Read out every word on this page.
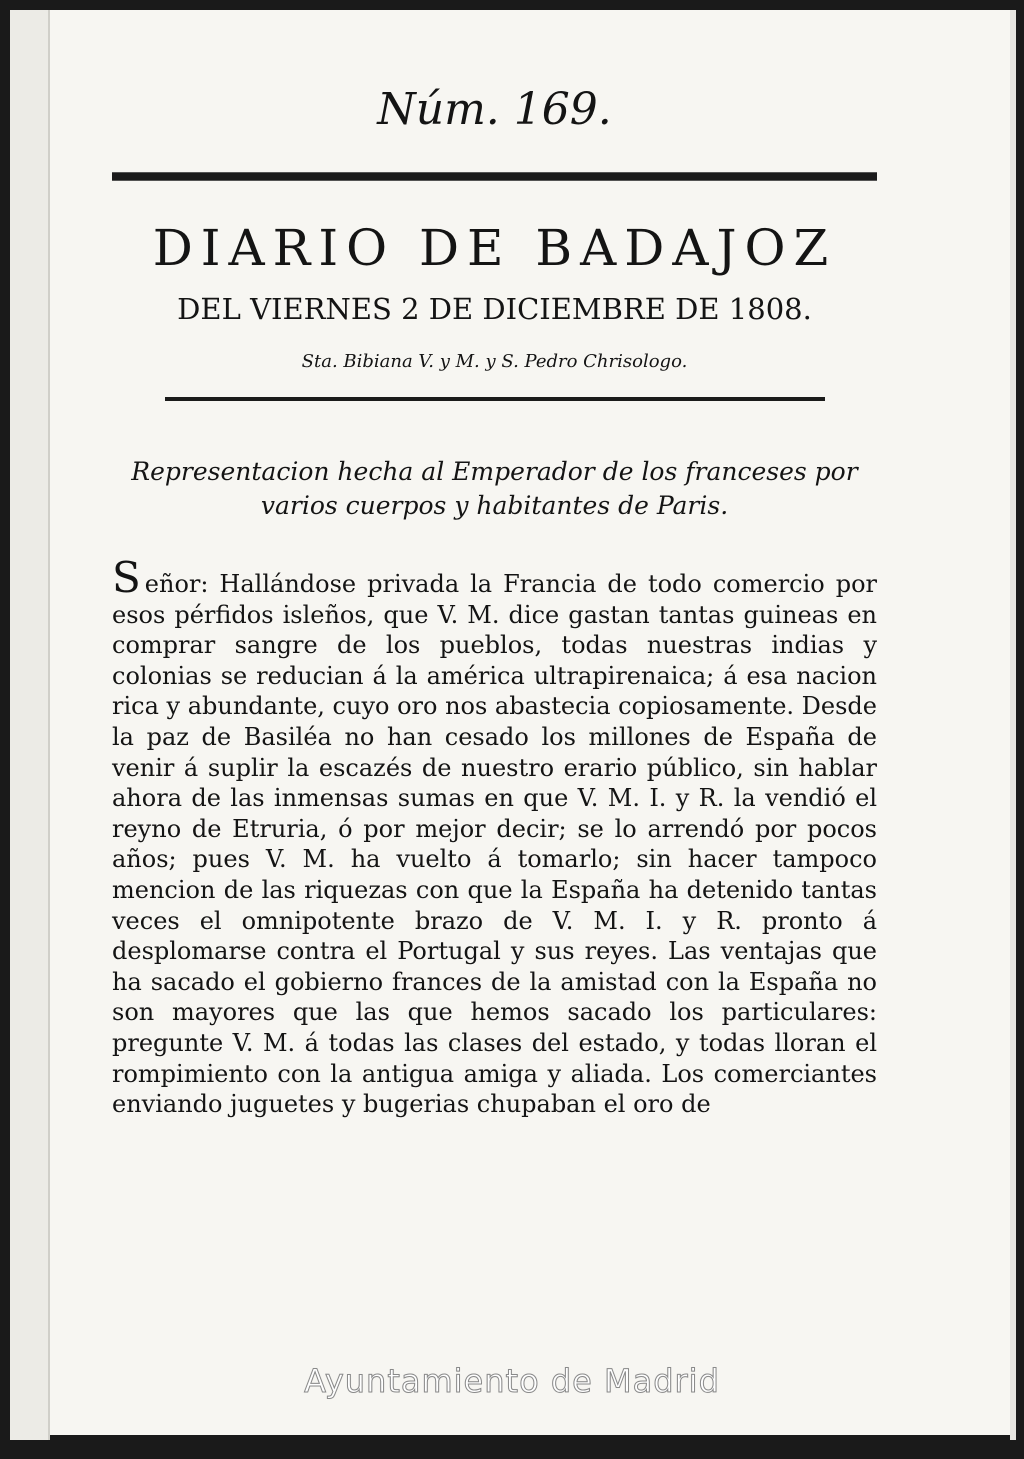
Núm. 169.
DIARIO DE BADAJOZ
DEL VIERNES 2 DE DICIEMBRE DE 1808.
Sta. Bibiana V. y M. y S. Pedro Chrisologo.
Representacion hecha al Emperador de los franceses por varios cuerpos y habitantes de Paris.
Señor: Hallándose privada la Francia de todo comercio por esos pérfidos isleños, que V. M. dice gastan tantas guineas en comprar sangre de los pueblos, todas nuestras indias y colonias se reducian á la américa ultrapirenaica; á esa nacion rica y abundante, cuyo oro nos abastecia copiosamente. Desde la paz de Basiléa no han cesado los millones de España de venir á suplir la escazés de nuestro erario público, sin hablar ahora de las inmensas sumas en que V. M. I. y R. la vendió el reyno de Etruria, ó por mejor decir; se lo arrendó por pocos años; pues V. M. ha vuelto á tomarlo; sin hacer tampoco mencion de las riquezas con que la España ha detenido tantas veces el omnipotente brazo de V. M. I. y R. pronto á desplomarse contra el Portugal y sus reyes. Las ventajas que ha sacado el gobierno frances de la amistad con la España no son mayores que las que hemos sacado los particulares: pregunte V. M. á todas las clases del estado, y todas lloran el rompimiento con la antigua amiga y aliada. Los comerciantes enviando juguetes y bugerias chupaban el oro de
Ayuntamiento de Madrid
